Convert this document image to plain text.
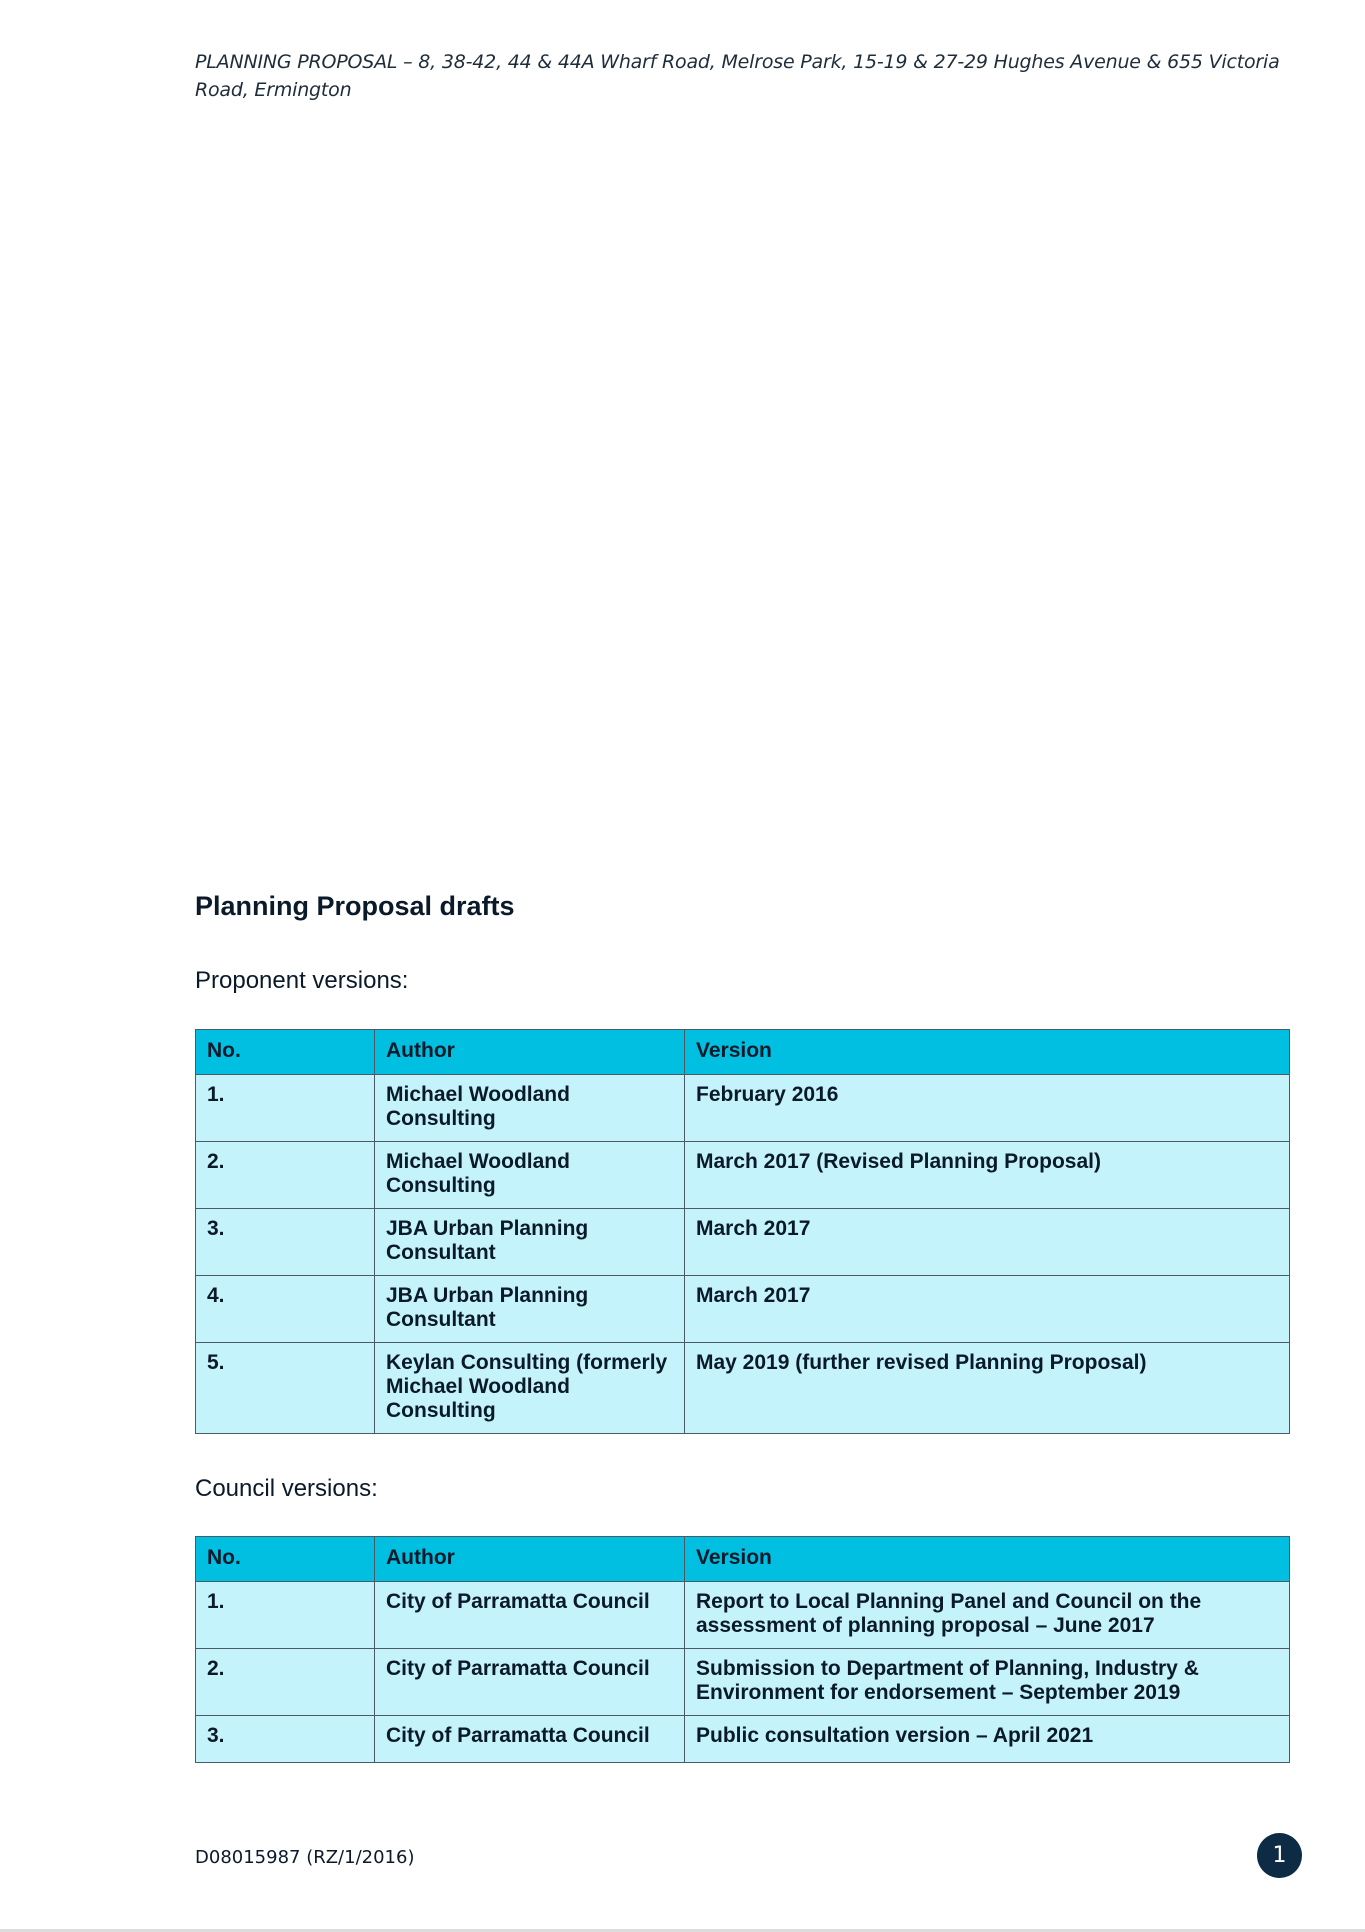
PLANNING PROPOSAL – 8, 38-42, 44 & 44A Wharf Road, Melrose Park, 15-19 & 27-29 Hughes Avenue & 655 Victoria Road, Ermington
Planning Proposal drafts

Proponent versions:

No.	Author	Version
1.	Michael Woodland Consulting	February 2016
2.	Michael Woodland Consulting	March 2017 (Revised Planning Proposal)
3.	JBA Urban Planning Consultant	March 2017
4.	JBA Urban Planning Consultant	March 2017
5.	Keylan Consulting (formerly Michael Woodland Consulting	May 2019 (further revised Planning Proposal)

Council versions:

No.	Author	Version
1.	City of Parramatta Council	Report to Local Planning Panel and Council on the assessment of planning proposal – June 2017
2.	City of Parramatta Council	Submission to Department of Planning, Industry & Environment for endorsement – September 2019
3.	City of Parramatta Council	Public consultation version – April 2021
D08015987 (RZ/1/2016)	1
